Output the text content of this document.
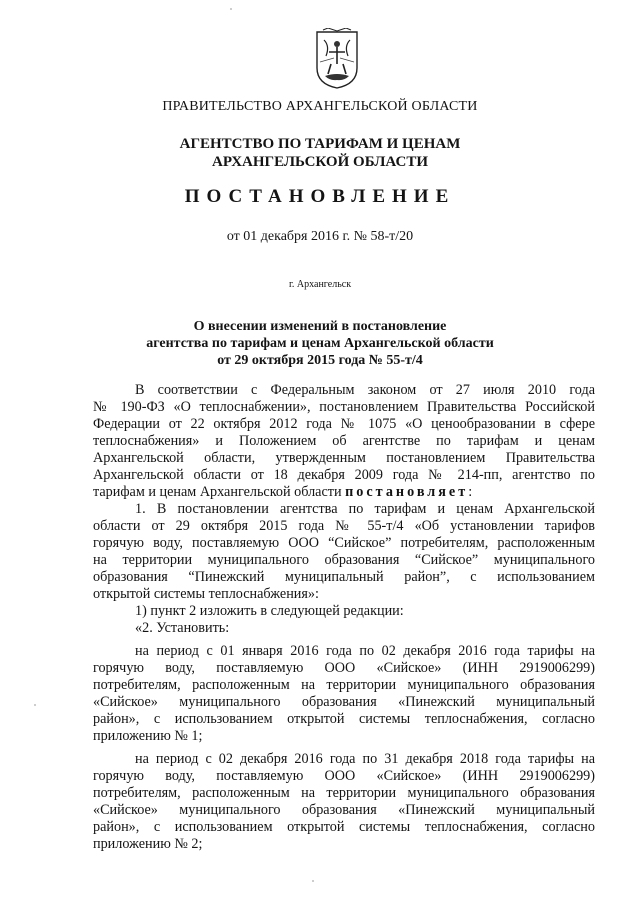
ПРАВИТЕЛЬСТВО АРХАНГЕЛЬСКОЙ ОБЛАСТИ
АГЕНТСТВО ПО ТАРИФАМ И ЦЕНАМ
АРХАНГЕЛЬСКОЙ ОБЛАСТИ
ПОСТАНОВЛЕНИЕ
от 01 декабря 2016 г. № 58-т/20
г. Архангельск
О внесении изменений в постановление
агентства по тарифам и ценам Архангельской области
от 29 октября 2015 года № 55-т/4

В соответствии с Федеральным законом от 27 июля 2010 года
№ 190-ФЗ «О теплоснабжении», постановлением Правительства Российской
Федерации от 22 октября 2012 года № 1075 «О ценообразовании в сфере
теплоснабжения» и Положением об агентстве по тарифам и ценам
Архангельской области, утвержденным постановлением Правительства
Архангельской области от 18 декабря 2009 года № 214-пп, агентство по
тарифам и ценам Архангельской области постановляет:

1. В постановлении агентства по тарифам и ценам Архангельской
области от 29 октября 2015 года № 55-т/4 «Об установлении тарифов
горячую воду, поставляемую ООО “Сийское” потребителям, расположенным
на территории муниципального образования “Сийское” муниципального
образования “Пинежский муниципальный район”, с использованием
открытой системы теплоснабжения»:

1) пункт 2 изложить в следующей редакции:

«2. Установить:

на период с 01 января 2016 года по 02 декабря 2016 года тарифы на
горячую воду, поставляемую ООО «Сийское» (ИНН 2919006299)
потребителям, расположенным на территории муниципального образования
«Сийское» муниципального образования «Пинежский муниципальный
район», с использованием открытой системы теплоснабжения, согласно
приложению № 1;

на период с 02 декабря 2016 года по 31 декабря 2018 года тарифы на
горячую воду, поставляемую ООО «Сийское» (ИНН 2919006299)
потребителям, расположенным на территории муниципального образования
«Сийское» муниципального образования «Пинежский муниципальный
район», с использованием открытой системы теплоснабжения, согласно
приложению № 2;
